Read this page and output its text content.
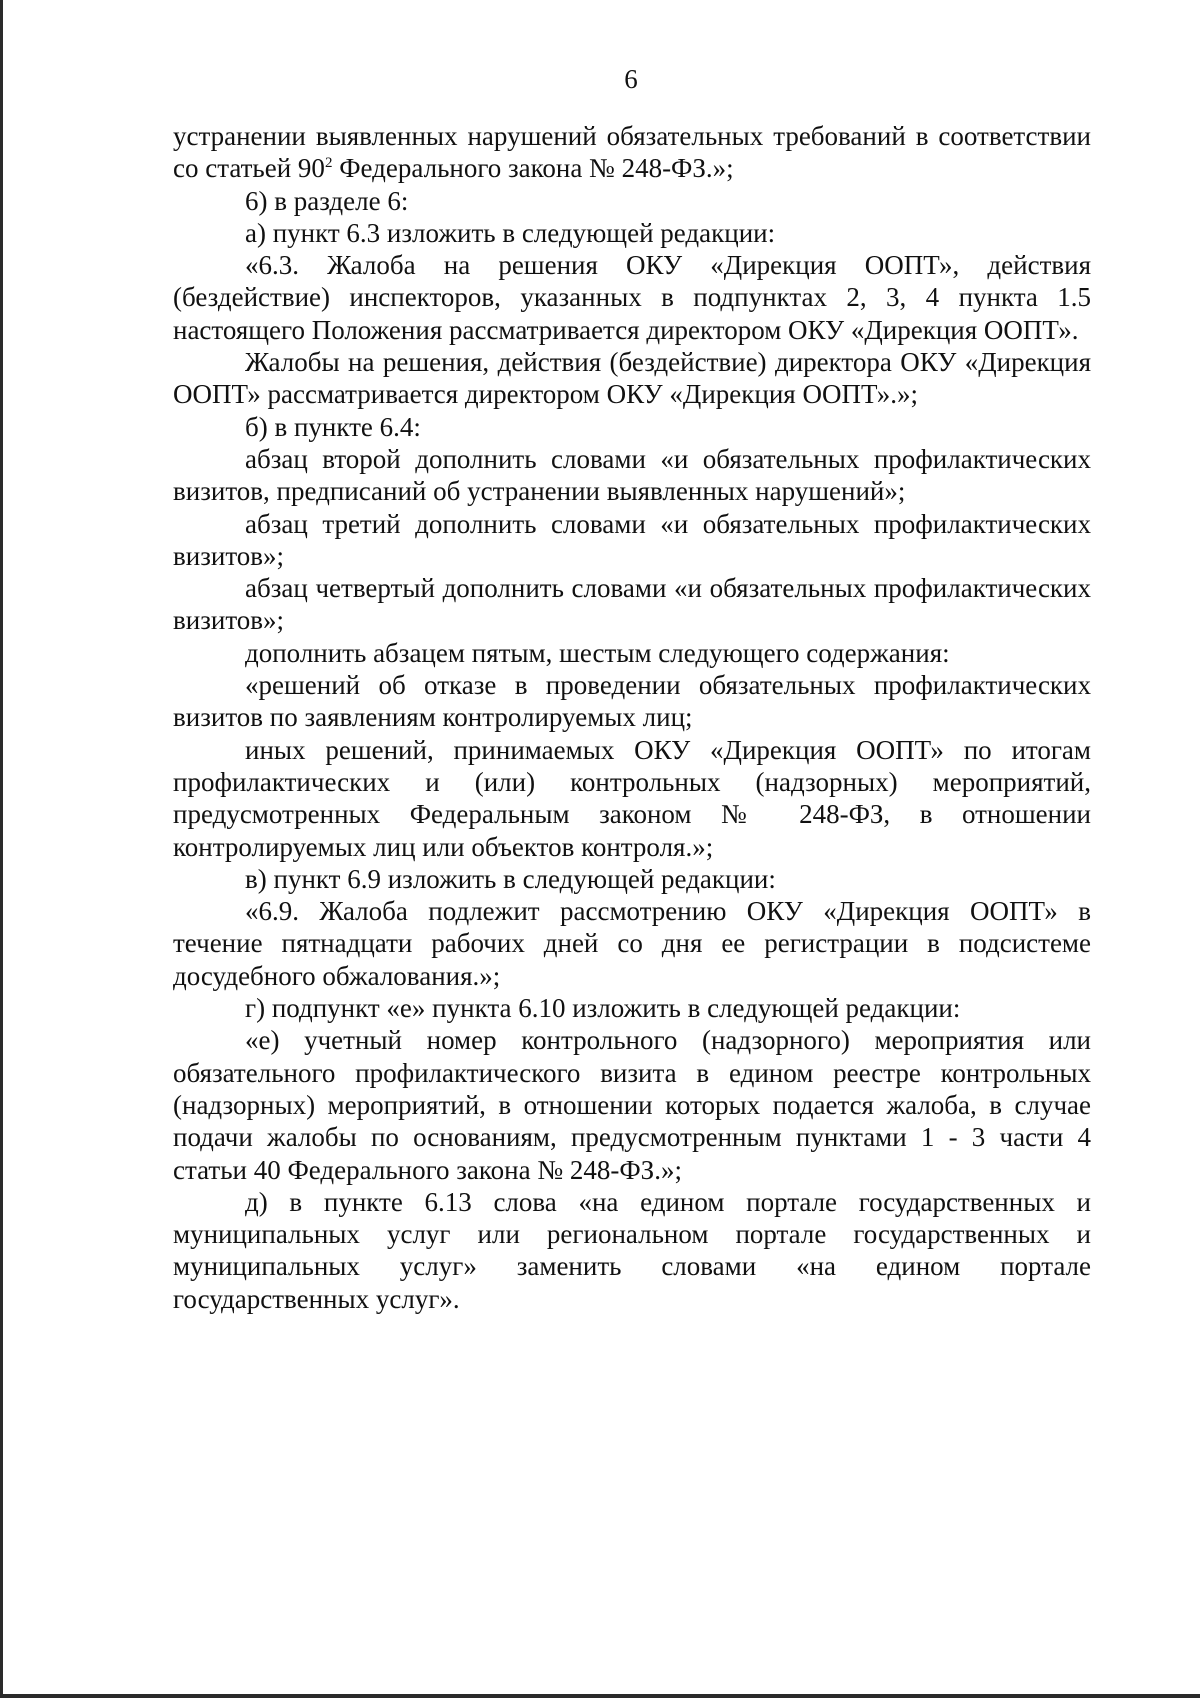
6

устранении выявленных нарушений обязательных требований в соответствии со статьей $90^2$ Федерального закона № 248-ФЗ.»;

6) в разделе 6:

а) пункт 6.3 изложить в следующей редакции:

«6.3. Жалоба на решения ОКУ «Дирекция ООПТ», действия (бездействие) инспекторов, указанных в подпунктах 2, 3, 4 пункта 1.5 настоящего Положения рассматривается директором ОКУ «Дирекция ООПТ».

Жалобы на решения, действия (бездействие) директора ОКУ «Дирекция ООПТ» рассматривается директором ОКУ «Дирекция ООПТ».»;

б) в пункте 6.4:

абзац второй дополнить словами «и обязательных профилактических визитов, предписаний об устранении выявленных нарушений»;

абзац третий дополнить словами «и обязательных профилактических визитов»;

абзац четвертый дополнить словами «и обязательных профилактических визитов»;

дополнить абзацем пятым, шестым следующего содержания:

«решений об отказе в проведении обязательных профилактических визитов по заявлениям контролируемых лиц;

иных решений, принимаемых ОКУ «Дирекция ООПТ» по итогам профилактических и (или) контрольных (надзорных) мероприятий, предусмотренных Федеральным законом № 248-ФЗ, в отношении контролируемых лиц или объектов контроля.»;

в) пункт 6.9 изложить в следующей редакции:

«6.9. Жалоба подлежит рассмотрению ОКУ «Дирекция ООПТ» в течение пятнадцати рабочих дней со дня ее регистрации в подсистеме досудебного обжалования.»;

г) подпункт «е» пункта 6.10 изложить в следующей редакции:

«е) учетный номер контрольного (надзорного) мероприятия или обязательного профилактического визита в едином реестре контрольных (надзорных) мероприятий, в отношении которых подается жалоба, в случае подачи жалобы по основаниям, предусмотренным пунктами 1 - 3 части 4 статьи 40 Федерального закона № 248-ФЗ.»;

д) в пункте 6.13 слова «на едином портале государственных и муниципальных услуг или региональном портале государственных и муниципальных услуг» заменить словами «на едином портале государственных услуг».
